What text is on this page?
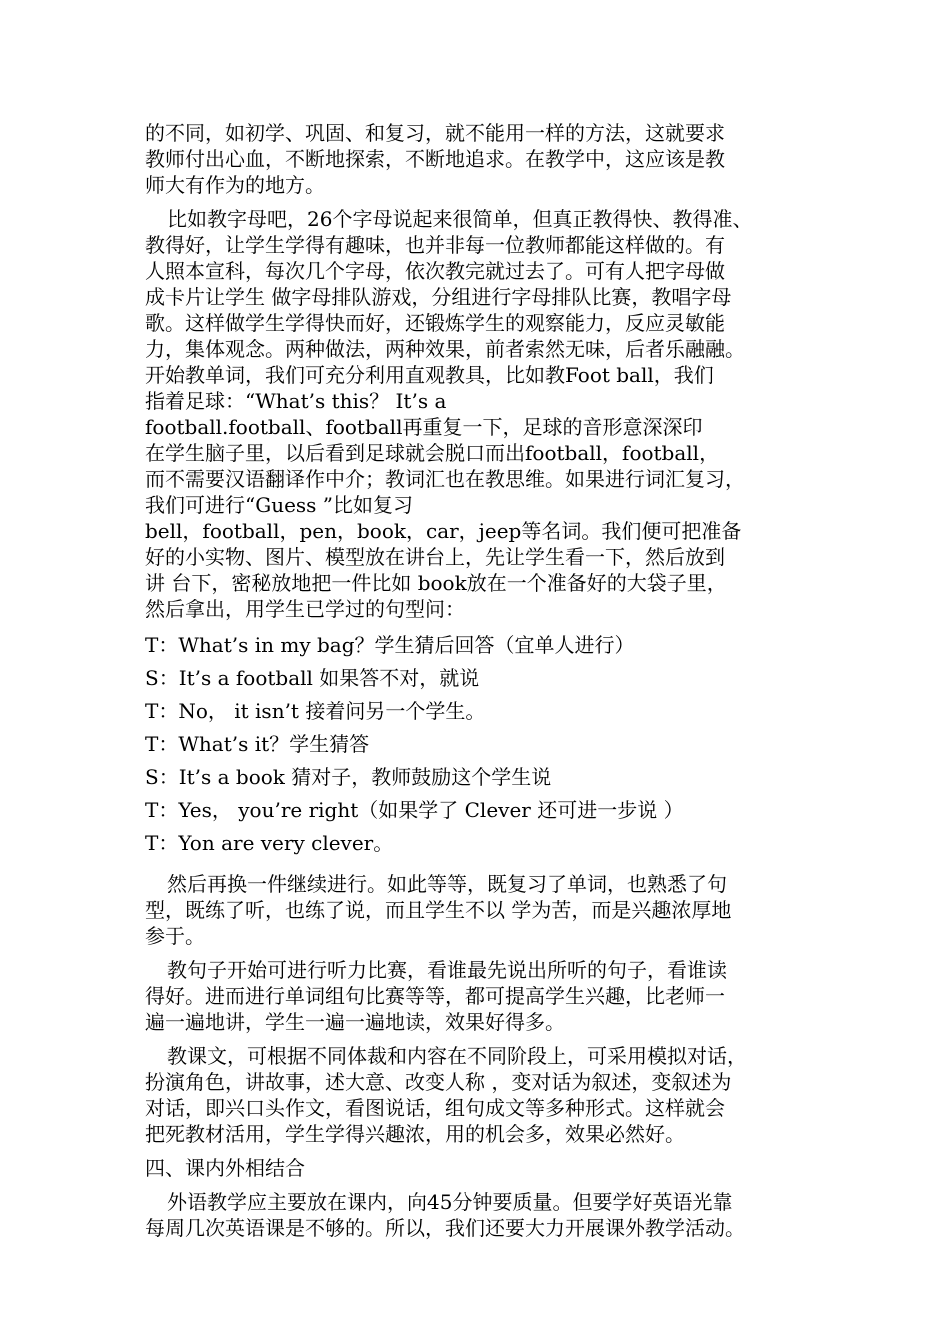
的不同，如初学、巩固、和复习，就不能用一样的方法，这就要求
教师付出心血，不断地探索，不断地追求。在教学中，这应该是教
师大有作为的地方。
比如教字母吧，26个字母说起来很简单，但真正教得快、教得准、
教得好，让学生学得有趣味，也并非每一位教师都能这样做的。有
人照本宣科，每次几个字母，依次教完就过去了。可有人把字母做
成卡片让学生 做字母排队游戏，分组进行字母排队比赛，教唱字母
歌。这样做学生学得快而好，还锻炼学生的观察能力，反应灵敏能
力，集体观念。两种做法，两种效果，前者索然无味，后者乐融融。
开始教单词，我们可充分利用直观教具，比如教Foot ball，我们
指着足球：“What’s this？ It’s a
football.football、football再重复一下，足球的音形意深深印
在学生脑子里，以后看到足球就会脱口而出football，football，
而不需要汉语翻译作中介；教词汇也在教思维。如果进行词汇复习，
我们可进行“Guess ”比如复习
bell，football，pen，book，car，jeep等名词。我们便可把准备
好的小实物、图片、模型放在讲台上，先让学生看一下，然后放到
讲 台下，密秘放地把一件比如 book放在一个准备好的大袋子里，
然后拿出，用学生已学过的句型问：
T：What’s in my bag？学生猜后回答（宜单人进行）
S：It’s a football 如果答不对，就说
T：No， it isn’t 接着问另一个学生。
T：What’s it？学生猜答
S：It’s a book 猜对子，教师鼓励这个学生说
T：Yes， you’re right（如果学了 Clever 还可进一步说 ）
T：Yon are very clever。
然后再换一件继续进行。如此等等，既复习了单词，也熟悉了句
型，既练了听，也练了说，而且学生不以 学为苦，而是兴趣浓厚地
参于。
教句子开始可进行听力比赛，看谁最先说出所听的句子，看谁读
得好。进而进行单词组句比赛等等，都可提高学生兴趣，比老师一
遍一遍地讲，学生一遍一遍地读，效果好得多。
教课文，可根据不同体裁和内容在不同阶段上，可采用模拟对话，
扮演角色，讲故事，述大意、改变人称 ，变对话为叙述，变叙述为
对话，即兴口头作文，看图说话，组句成文等多种形式。这样就会
把死教材活用，学生学得兴趣浓，用的机会多，效果必然好。
四、课内外相结合
外语教学应主要放在课内，向45分钟要质量。但要学好英语光靠
每周几次英语课是不够的。所以，我们还要大力开展课外教学活动。
